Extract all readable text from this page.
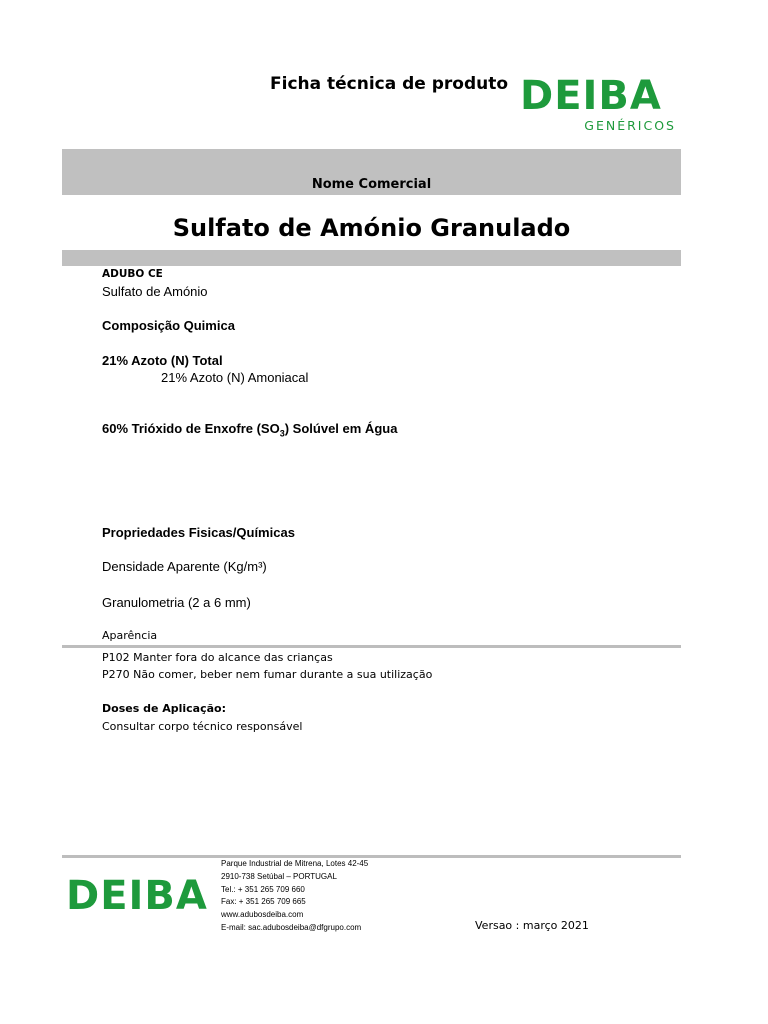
Ficha técnica de produto DEIBA
GENÉRICOS
Nome Comercial
Sulfato de Amónio Granulado
ADUBO CE
Sulfato de Amónio
Composição Quimica
21% Azoto (N) Total
21% Azoto (N) Amoniacal
60% Trióxido de Enxofre $(SO_3)$ Solúvel em Água
Propriedades Fisicas/Químicas
Densidade Aparente (Kg/m³)
Granulometria (2 a 6 mm)
Aparência
P102 Manter fora do alcance das crianças
P270 Não comer, beber nem fumar durante a sua utilização
Doses de Aplicação:
Consultar corpo técnico responsável
DEIBA
Parque Industrial de Mitrena, Lotes 42-45
2910-738 Setúbal – PORTUGAL
Tel.: + 351 265 709 660
Fax: + 351 265 709 665
www.adubosdeiba.com
E-mail: sac.adubosdeiba@dfgrupo.com	Versao : março 2021
